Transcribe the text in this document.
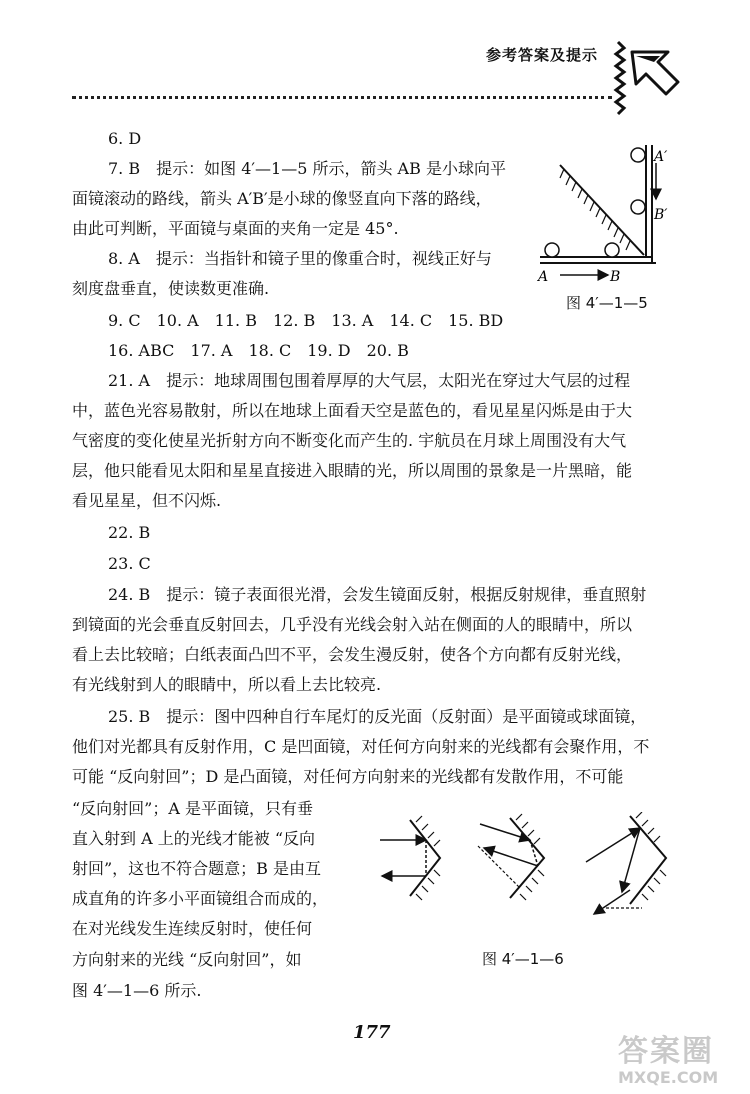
参考答案及提示
6. D
7. B　提示：如图 4′—1—5 所示，箭头 AB 是小球向平
面镜滚动的路线，箭头 A′B′是小球的像竖直向下落的路线，
由此可判断，平面镜与桌面的夹角一定是 45°.
8. A　提示：当指针和镜子里的像重合时，视线正好与
刻度盘垂直，使读数更准确.
9. C　10. A　11. B　12. B　13. A　14. C　15. BD
16. ABC　17. A　18. C　19. D　20. B
21. A　提示：地球周围包围着厚厚的大气层，太阳光在穿过大气层的过程
中，蓝色光容易散射，所以在地球上面看天空是蓝色的，看见星星闪烁是由于大
气密度的变化使星光折射方向不断变化而产生的. 宇航员在月球上周围没有大气
层，他只能看见太阳和星星直接进入眼睛的光，所以周围的景象是一片黑暗，能
看见星星，但不闪烁.
22. B
23. C
24. B　提示：镜子表面很光滑，会发生镜面反射，根据反射规律，垂直照射
到镜面的光会垂直反射回去，几乎没有光线会射入站在侧面的人的眼睛中，所以
看上去比较暗；白纸表面凸凹不平，会发生漫反射，使各个方向都有反射光线，
有光线射到人的眼睛中，所以看上去比较亮.
25. B　提示：图中四种自行车尾灯的反光面（反射面）是平面镜或球面镜，
他们对光都具有反射作用，C 是凹面镜，对任何方向射来的光线都有会聚作用，不
可能 “反向射回”；D 是凸面镜，对任何方向射来的光线都有发散作用，不可能
“反向射回”；A 是平面镜，只有垂
直入射到 A 上的光线才能被 “反向
射回”，这也不符合题意；B 是由互
成直角的许多小平面镜组合而成的，
在对光线发生连续反射时，使任何
方向射来的光线 “反向射回”，如
图 4′—1—6 所示.
A	B
A′
B′
图 4′—1—5
图 4′—1—6
177
答案圈
MXQE.COM
